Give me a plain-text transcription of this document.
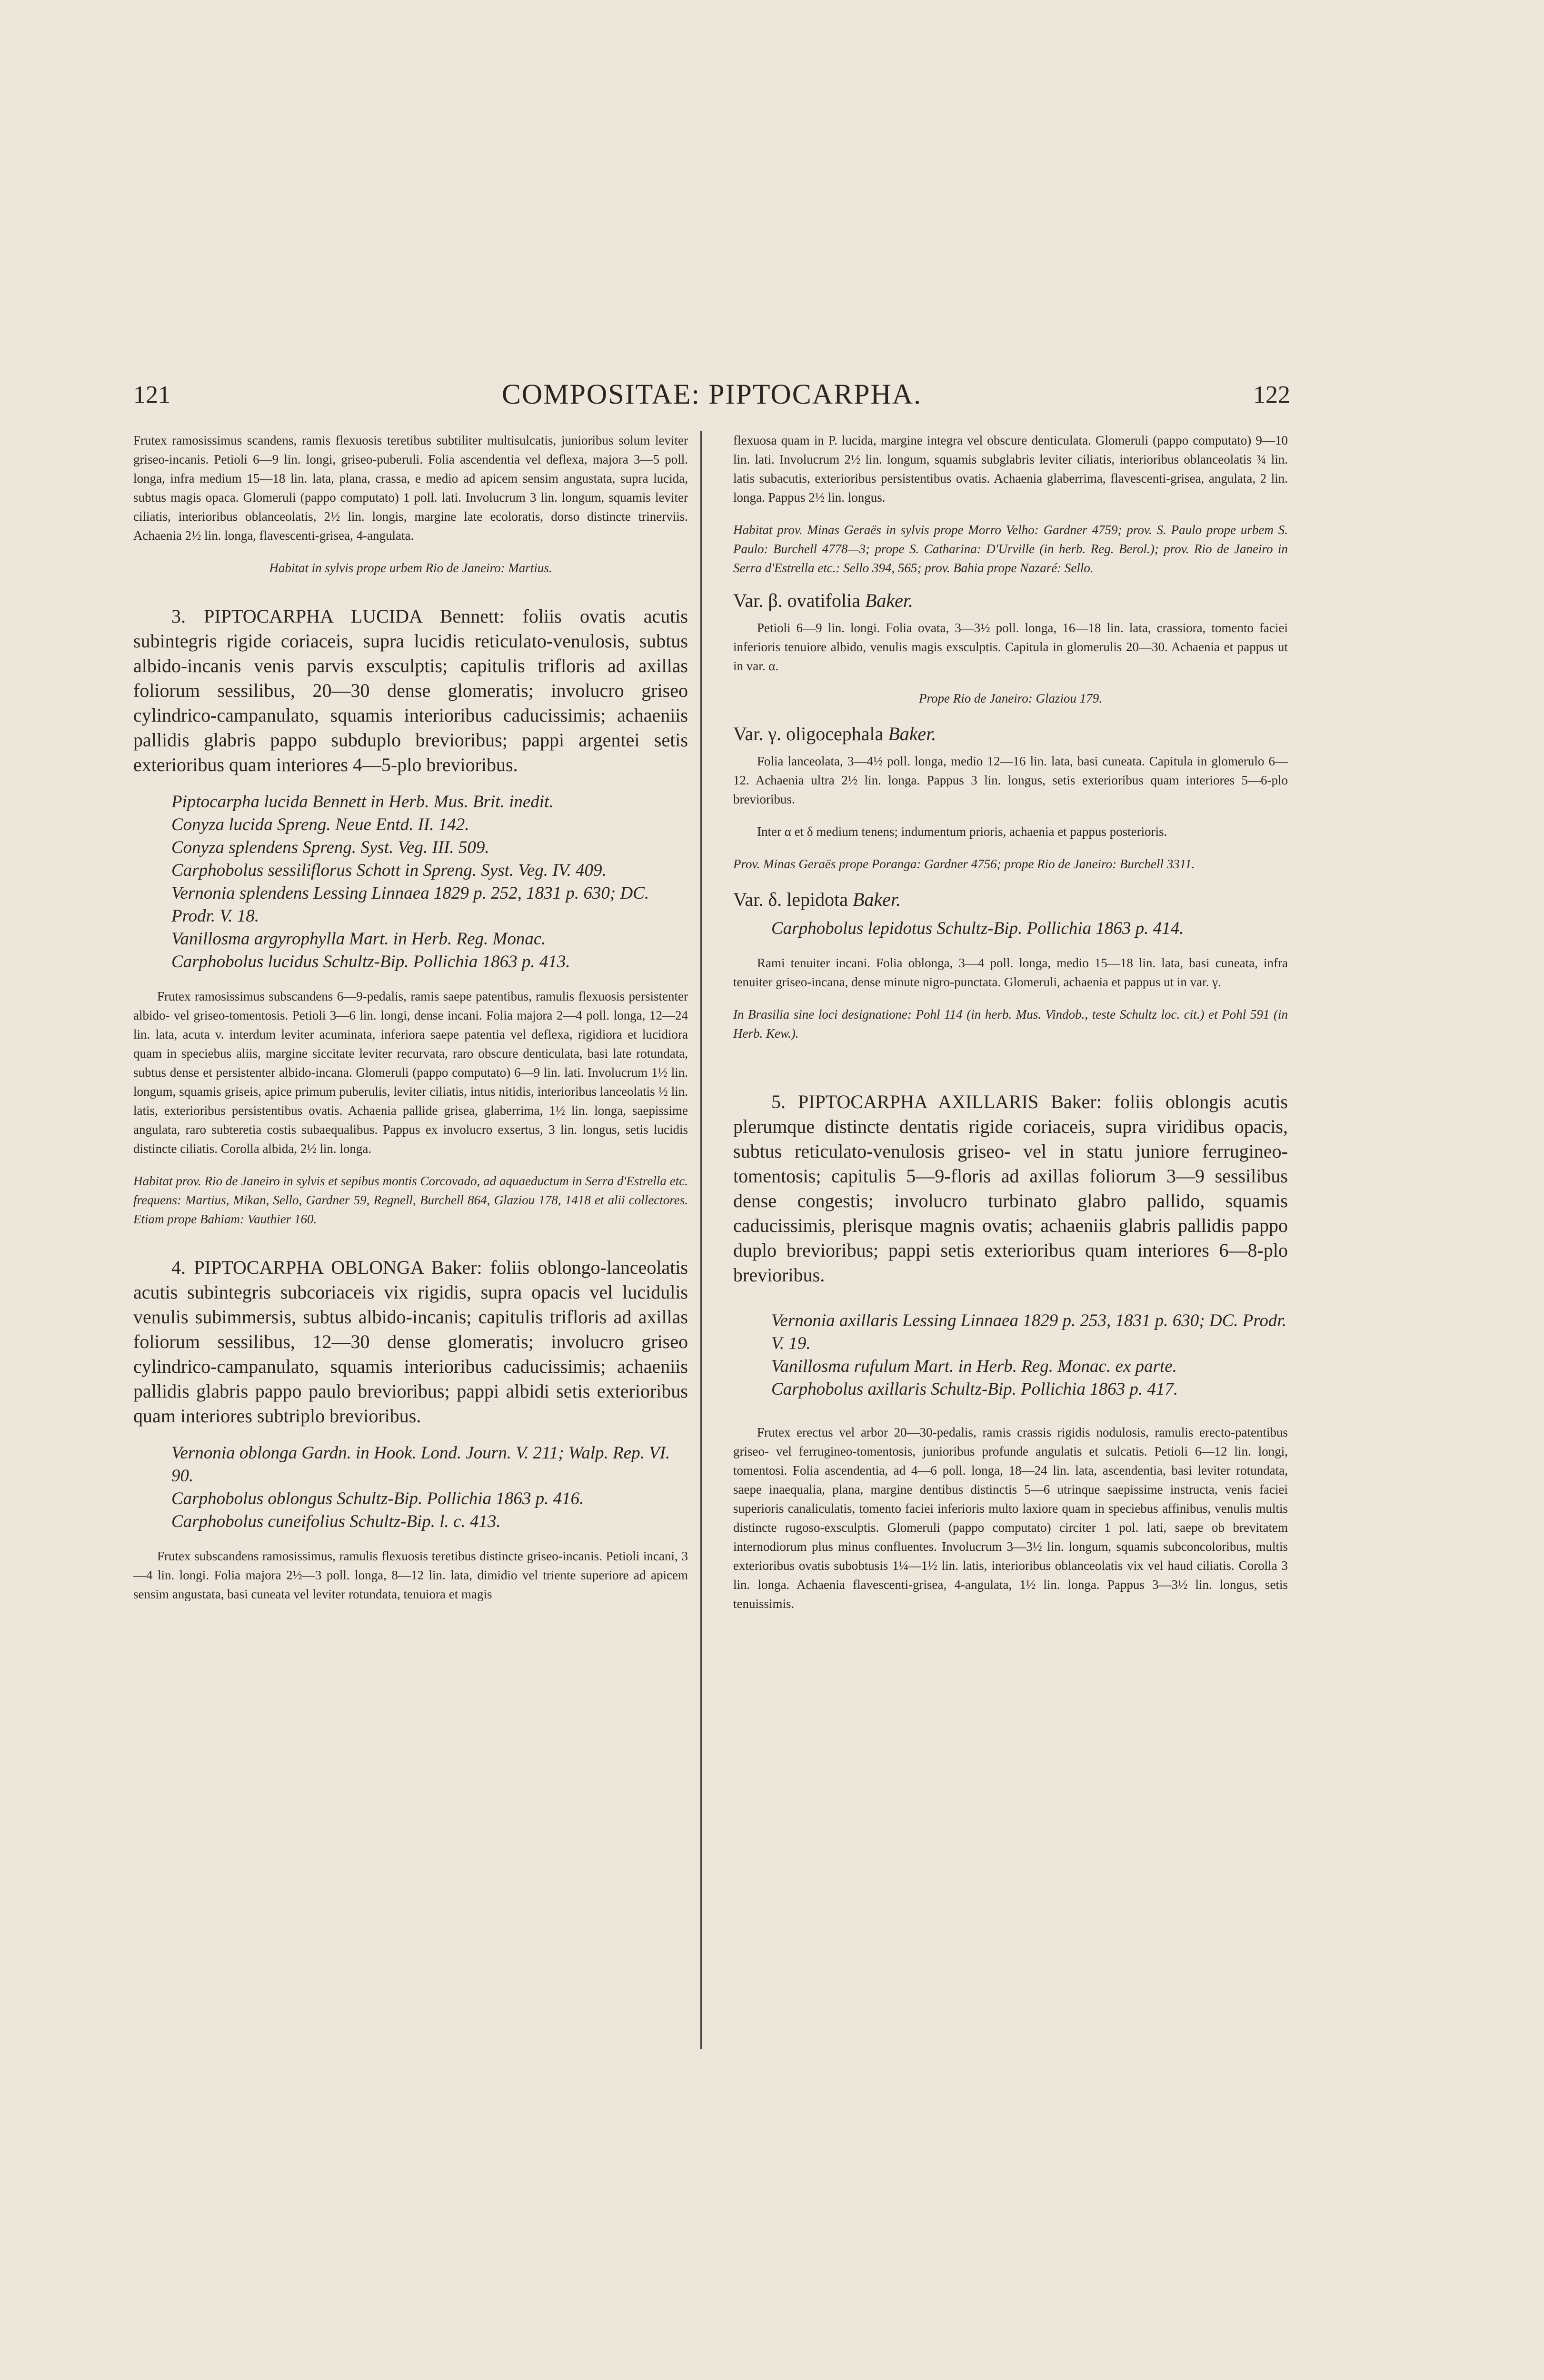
121	COMPOSITAE: PIPTOCARPHA.	122

Frutex ramosissimus scandens, ramis flexuosis teretibus subtiliter multisulcatis, junioribus solum leviter griseo-incanis. Petioli 6—9 lin. longi, griseo-puberuli. Folia ascendentia vel deflexa, majora 3—5 poll. longa, infra medium 15—18 lin. lata, plana, crassa, e medio ad apicem sensim angustata, supra lucida, subtus magis opaca. Glomeruli (pappo computato) 1 poll. lati. Involucrum 3 lin. longum, squamis leviter ciliatis, interioribus oblanceolatis, 2½ lin. longis, margine late ecoloratis, dorso distincte trinerviis. Achaenia 2½ lin. longa, flavescenti-grisea, 4-angulata.

Habitat in sylvis prope urbem Rio de Janeiro: Martius.

3. PIPTOCARPHA LUCIDA Bennett: foliis ovatis acutis subintegris rigide coriaceis, supra lucidis reticulato-venulosis, subtus albido-incanis venis parvis exsculptis; capitulis trifloris ad axillas foliorum sessilibus, 20—30 dense glomeratis; involucro griseo cylindrico-campanulato, squamis interioribus caducissimis; achaeniis pallidis glabris pappo subduplo brevioribus; pappi argentei setis exterioribus quam interiores 4—5-plo brevioribus.

Piptocarpha lucida Bennett in Herb. Mus. Brit. inedit.

Conyza lucida Spreng. Neue Entd. II. 142.

Conyza splendens Spreng. Syst. Veg. III. 509.

Carphobolus sessiliflorus Schott in Spreng. Syst. Veg. IV. 409.

Vernonia splendens Lessing Linnaea 1829 p. 252, 1831 p. 630; DC. Prodr. V. 18.

Vanillosma argyrophylla Mart. in Herb. Reg. Monac.

Carphobolus lucidus Schultz-Bip. Pollichia 1863 p. 413.

Frutex ramosissimus subscandens 6—9-pedalis, ramis saepe patentibus, ramulis flexuosis persistenter albido- vel griseo-tomentosis. Petioli 3—6 lin. longi, dense incani. Folia majora 2—4 poll. longa, 12—24 lin. lata, acuta v. interdum leviter acuminata, inferiora saepe patentia vel deflexa, rigidiora et lucidiora quam in speciebus aliis, margine siccitate leviter recurvata, raro obscure denticulata, basi late rotundata, subtus dense et persistenter albido-incana. Glomeruli (pappo computato) 6—9 lin. lati. Involucrum 1½ lin. longum, squamis griseis, apice primum puberulis, leviter ciliatis, intus nitidis, interioribus lanceolatis ½ lin. latis, exterioribus persistentibus ovatis. Achaenia pallide grisea, glaberrima, 1½ lin. longa, saepissime angulata, raro subteretia costis subaequalibus. Pappus ex involucro exsertus, 3 lin. longus, setis lucidis distincte ciliatis. Corolla albida, 2½ lin. longa.

Habitat prov. Rio de Janeiro in sylvis et sepibus montis Corcovado, ad aquaeductum in Serra d'Estrella etc. frequens: Martius, Mikan, Sello, Gardner 59, Regnell, Burchell 864, Glaziou 178, 1418 et alii collectores. Etiam prope Bahiam: Vauthier 160.

4. PIPTOCARPHA OBLONGA Baker: foliis oblongo-lanceolatis acutis subintegris subcoriaceis vix rigidis, supra opacis vel lucidulis venulis subimmersis, subtus albido-incanis; capitulis trifloris ad axillas foliorum sessilibus, 12—30 dense glomeratis; involucro griseo cylindrico-campanulato, squamis interioribus caducissimis; achaeniis pallidis glabris pappo paulo brevioribus; pappi albidi setis exterioribus quam interiores subtriplo brevioribus.

Vernonia oblonga Gardn. in Hook. Lond. Journ. V. 211; Walp. Rep. VI. 90.

Carphobolus oblongus Schultz-Bip. Pollichia 1863 p. 416.

Carphobolus cuneifolius Schultz-Bip. l. c. 413.

Frutex subscandens ramosissimus, ramulis flexuosis teretibus distincte griseo-incanis. Petioli incani, 3—4 lin. longi. Folia majora 2½—3 poll. longa, 8—12 lin. lata, dimidio vel triente superiore ad apicem sensim angustata, basi cuneata vel leviter rotundata, tenuiora et magis

flexuosa quam in P. lucida, margine integra vel obscure denticulata. Glomeruli (pappo computato) 9—10 lin. lati. Involucrum 2½ lin. longum, squamis subglabris leviter ciliatis, interioribus oblanceolatis ¾ lin. latis subacutis, exterioribus persistentibus ovatis. Achaenia glaberrima, flavescenti-grisea, angulata, 2 lin. longa. Pappus 2½ lin. longus.

Habitat prov. Minas Geraës in sylvis prope Morro Velho: Gardner 4759; prov. S. Paulo prope urbem S. Paulo: Burchell 4778—3; prope S. Catharina: D'Urville (in herb. Reg. Berol.); prov. Rio de Janeiro in Serra d'Estrella etc.: Sello 394, 565; prov. Bahia prope Nazaré: Sello.

Var. β. ovatifolia Baker.

Petioli 6—9 lin. longi. Folia ovata, 3—3½ poll. longa, 16—18 lin. lata, crassiora, tomento faciei inferioris tenuiore albido, venulis magis exsculptis. Capitula in glomerulis 20—30. Achaenia et pappus ut in var. α.

Prope Rio de Janeiro: Glaziou 179.

Var. γ. oligocephala Baker.

Folia lanceolata, 3—4½ poll. longa, medio 12—16 lin. lata, basi cuneata. Capitula in glomerulo 6—12. Achaenia ultra 2½ lin. longa. Pappus 3 lin. longus, setis exterioribus quam interiores 5—6-plo brevioribus.

Inter α et δ medium tenens; indumentum prioris, achaenia et pappus posterioris.

Prov. Minas Geraës prope Poranga: Gardner 4756; prope Rio de Janeiro: Burchell 3311.

Var. δ. lepidota Baker.

Carphobolus lepidotus Schultz-Bip. Pollichia 1863 p. 414.

Rami tenuiter incani. Folia oblonga, 3—4 poll. longa, medio 15—18 lin. lata, basi cuneata, infra tenuiter griseo-incana, dense minute nigro-punctata. Glomeruli, achaenia et pappus ut in var. γ.

In Brasilia sine loci designatione: Pohl 114 (in herb. Mus. Vindob., teste Schultz loc. cit.) et Pohl 591 (in Herb. Kew.).

5. PIPTOCARPHA AXILLARIS Baker: foliis oblongis acutis plerumque distincte dentatis rigide coriaceis, supra viridibus opacis, subtus reticulato-venulosis griseo- vel in statu juniore ferrugineo-tomentosis; capitulis 5—9-floris ad axillas foliorum 3—9 sessilibus dense congestis; involucro turbinato glabro pallido, squamis caducissimis, plerisque magnis ovatis; achaeniis glabris pallidis pappo duplo brevioribus; pappi setis exterioribus quam interiores 6—8-plo brevioribus.

Vernonia axillaris Lessing Linnaea 1829 p. 253, 1831 p. 630; DC. Prodr. V. 19.

Vanillosma rufulum Mart. in Herb. Reg. Monac. ex parte.

Carphobolus axillaris Schultz-Bip. Pollichia 1863 p. 417.

Frutex erectus vel arbor 20—30-pedalis, ramis crassis rigidis nodulosis, ramulis erecto-patentibus griseo- vel ferrugineo-tomentosis, junioribus profunde angulatis et sulcatis. Petioli 6—12 lin. longi, tomentosi. Folia ascendentia, ad 4—6 poll. longa, 18—24 lin. lata, ascendentia, basi leviter rotundata, saepe inaequalia, plana, margine dentibus distinctis 5—6 utrinque saepissime instructa, venis faciei superioris canaliculatis, tomento faciei inferioris multo laxiore quam in speciebus affinibus, venulis multis distincte rugoso-exsculptis. Glomeruli (pappo computato) circiter 1 pol. lati, saepe ob brevitatem internodiorum plus minus confluentes. Involucrum 3—3½ lin. longum, squamis subconcoloribus, multis exterioribus ovatis subobtusis 1¼—1½ lin. latis, interioribus oblanceolatis vix vel haud ciliatis. Corolla 3 lin. longa. Achaenia flavescenti-grisea, 4-angulata, 1½ lin. longa. Pappus 3—3½ lin. longus, setis tenuissimis.
